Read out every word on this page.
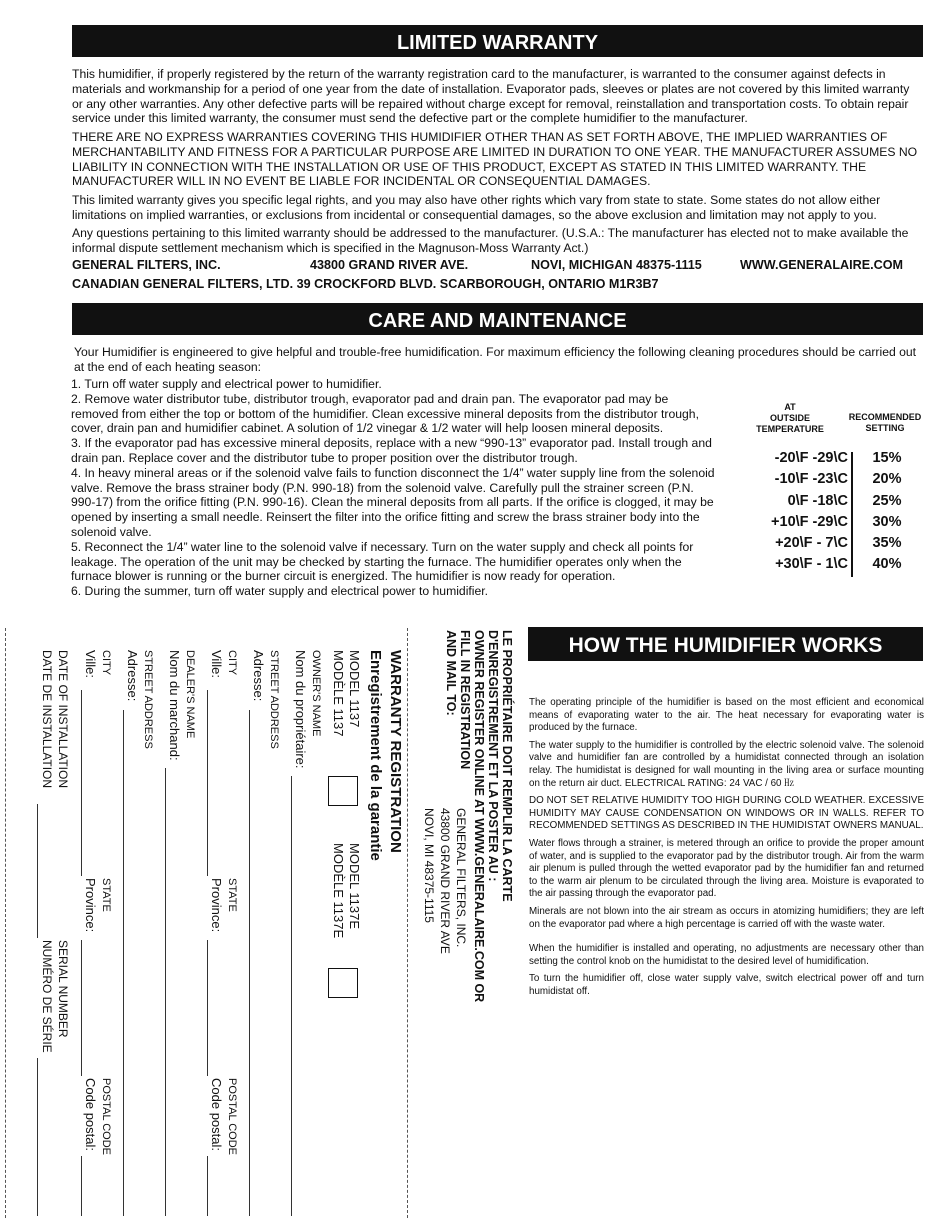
LIMITED WARRANTY
This humidifier, if properly registered by the return of the warranty registration card to the manufacturer, is warranted to the consumer against defects in materials and workmanship for a period of one year from the date of installation. Evaporator pads, sleeves or plates are not covered by this limited warranty or any other warranties. Any other defective parts will be repaired without charge except for removal, reinstallation and transportation costs. To obtain repair service under this limited warranty, the consumer must send the defective part or the complete humidifier to the manufacturer.
THERE ARE NO EXPRESS WARRANTIES COVERING THIS HUMIDIFIER OTHER THAN AS SET FORTH ABOVE, THE IMPLIED WARRANTIES OF MERCHANTABILITY AND FITNESS FOR A PARTICULAR PURPOSE ARE LIMITED IN DURATION TO ONE YEAR. THE MANUFACTURER ASSUMES NO LIABILITY IN CONNECTION WITH THE INSTALLATION OR USE OF THIS PRODUCT, EXCEPT AS STATED IN THIS LIMITED WARRANTY. THE MANUFACTURER WILL IN NO EVENT BE LIABLE FOR INCIDENTAL OR CONSEQUENTIAL DAMAGES.
This limited warranty gives you specific legal rights, and you may also have other rights which vary from state to state. Some states do not allow either limitations on implied warranties, or exclusions from incidental or consequential damages, so the above exclusion and limitation may not apply to you.
Any questions pertaining to this limited warranty should be addressed to the manufacturer. (U.S.A.: The manufacturer has elected not to make available the informal dispute settlement mechanism which is specified in the Magnuson-Moss Warranty Act.)
GENERAL FILTERS, INC.	43800 GRAND RIVER AVE.	NOVI, MICHIGAN 48375-1115	WWW.GENERALAIRE.COM
CANADIAN GENERAL FILTERS, LTD. 39 CROCKFORD BLVD. SCARBOROUGH, ONTARIO M1R3B7
CARE AND MAINTENANCE
Your Humidifier is engineered to give helpful and trouble-free humidification. For maximum efficiency the following cleaning procedures should be carried out at the end of each heating season:
1. Turn off water supply and electrical power to humidifier.
2. Remove water distributor tube, distributor trough, evaporator pad and drain pan. The evaporator pad may be removed from either the top or bottom of the humidifier. Clean excessive mineral deposits from the distributor trough, cover, drain pan and humidifier cabinet. A solution of 1/2 vinegar & 1/2 water will help loosen mineral deposits.
3. If the evaporator pad has excessive mineral deposits, replace with a new “990-13” evaporator pad. Install trough and drain pan. Replace cover and the distributor tube to proper position over the distributor trough.
4. In heavy mineral areas or if the solenoid valve fails to function disconnect the 1/4” water supply line from the solenoid valve. Remove the brass strainer body (P.N. 990-18) from the solenoid valve. Carefully pull the strainer screen (P.N. 990-17) from the orifice fitting (P.N. 990-16). Clean the mineral deposits from all parts. If the orifice is clogged, it may be opened by inserting a small needle. Reinsert the filter into the orifice fitting and screw the brass strainer body into the solenoid valve.
5. Reconnect the 1/4” water line to the solenoid valve if necessary. Turn on the water supply and check all points for leakage. The operation of the unit may be checked by starting the furnace. The humidifier operates only when the furnace blower is running or the burner circuit is energized. The humidifier is now ready for operation.
6. During the summer, turn off water supply and electrical power to humidifier.
AT
OUTSIDE
TEMPERATURE
RECOMMENDED
SETTING
-20\F -29\C	15%
-10\F -23\C	20%
0\F -18\C	25%
+10\F -29\C	30%
+20\F - 7\C	35%
+30\F - 1\C	40%
HOW THE HUMIDIFIER WORKS

The operating principle of the humidifier is based on the most efficient and economical means of evaporating water to the air. The heat necessary for evaporating water is produced by the furnace.

The water supply to the humidifier is controlled by the electric solenoid valve. The solenoid valve and humidifier fan are controlled by a humidistat connected through an isolation relay. The humidistat is designed for wall mounting in the living area or surface mounting on the return air duct. ELECTRICAL RATING: 24 VAC / 60 ㎐

DO NOT SET RELATIVE HUMIDITY TOO HIGH DURING COLD WEATHER. EXCESSIVE HUMIDITY MAY CAUSE CONDENSATION ON WINDOWS OR IN WALLS. REFER TO RECOMMENDED SETTINGS AS DESCRIBED IN THE HUMIDISTAT OWNERS MANUAL.

Water flows through a strainer, is metered through an orifice to provide the proper amount of water, and is supplied to the evaporator pad by the distributor trough. Air from the warm air plenum is pulled through the wetted evaporator pad by the humidifier fan and returned to the warm air plenum to be circulated through the living area. Moisture is evaporated to the air passing through the evaporator pad.

Minerals are not blown into the air stream as occurs in atomizing humidifiers; they are left on the evaporator pad where a high percentage is carried off with the waste water.

When the humidifier is installed and operating, no adjustments are necessary other than setting the control knob on the humidistat to the desired level of humidification.

To turn the humidifier off, close water supply valve, switch electrical power off and turn humidistat off.

LE PROPRIÉTAIRE DOIT REMPLIR LA CARTE
D'ENREGISTREMENT ET LA POSTER AU :
OWNER REGISTER ONLINE AT WWW.GENERALAIRE.COM OR
FILL IN REGISTRATION
AND MAIL TO:
GENERAL FILTERS, INC.
43800 GRAND RIVER AVE
NOVI, MI 48375-1115
WARRANTY REGISTRATION
Enregistrement de la garantie
MODEL 1137
MODÈLE 1137
MODEL 1137E
MODÈLE 1137E
OWNER'S NAME
Nom du propriétaire:
STREET ADDRESS
Adresse:
CITY
STATE
POSTAL CODE
Ville:
Province:
Code postal:
DEALER'S NAME
Nom du marchand:
STREET ADDRESS
Adresse:
CITY
STATE
POSTAL CODE
Ville:
Province:
Code postal:
DATE OF INSTALLATION
SERIAL NUMBER
DATE DE INSTALLATION
NUMÉRO DE SÉRIE
